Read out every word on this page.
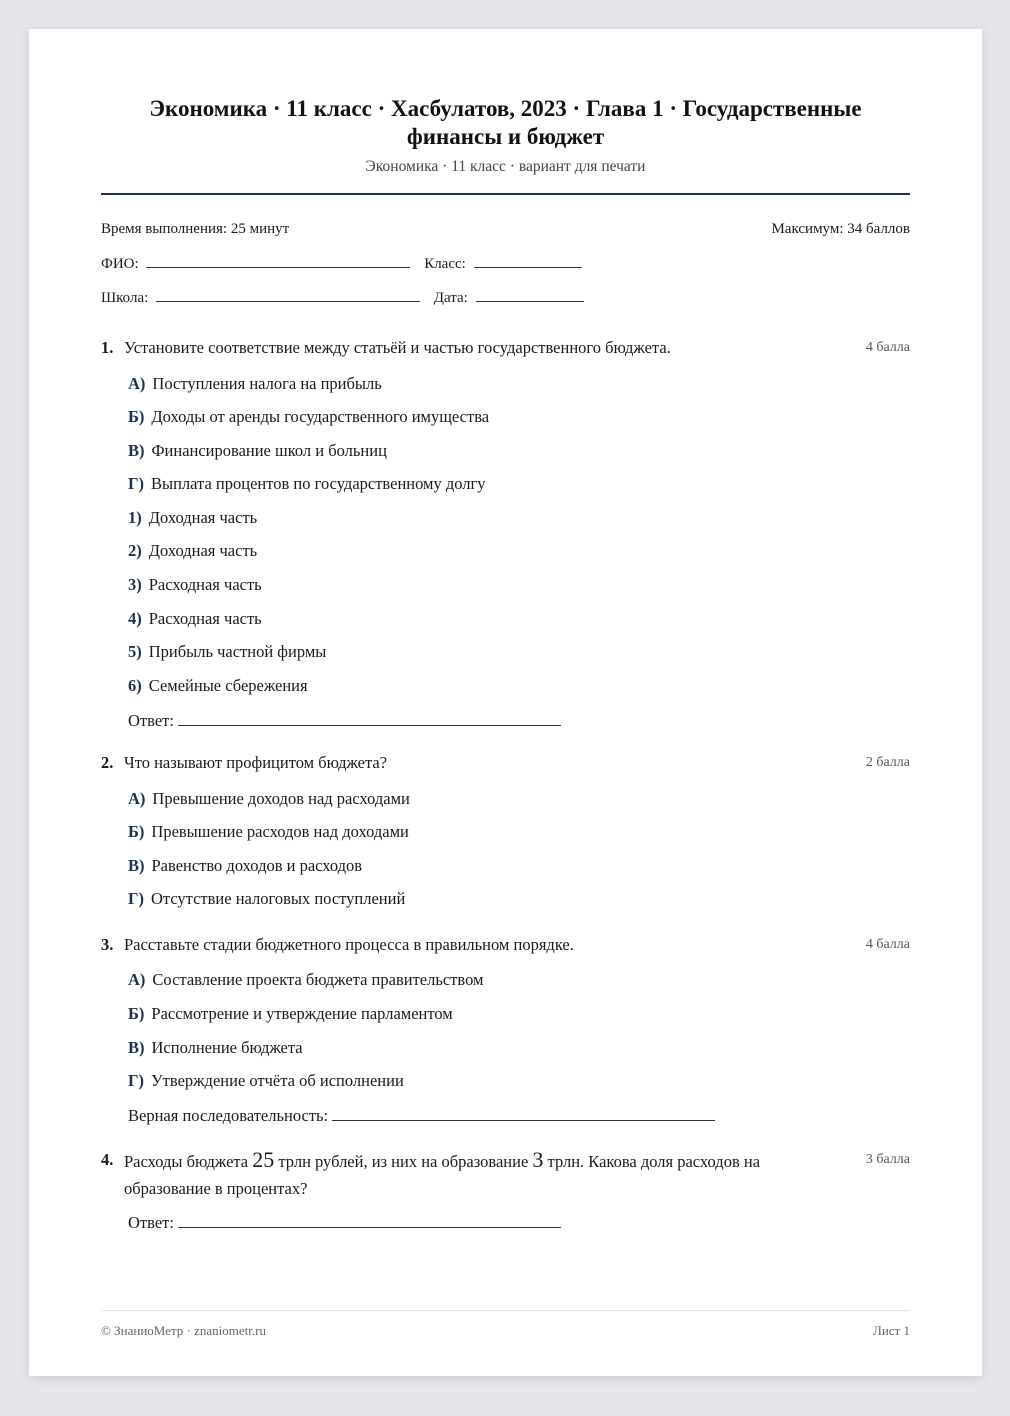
Экономика · 11 класс · Хасбулатов, 2023 · Глава 1 · Государственные финансы и бюджет
Экономика · 11 класс · вариант для печати
Время выполнения: 25 минут	Максимум: 34 баллов
ФИО:	Класс:
Школа:	Дата:
1. Установите соответствие между статьёй и частью государственного бюджета.	4 балла
А) Поступления налога на прибыль
Б) Доходы от аренды государственного имущества
В) Финансирование школ и больниц
Г) Выплата процентов по государственному долгу
1) Доходная часть
2) Доходная часть
3) Расходная часть
4) Расходная часть
5) Прибыль частной фирмы
6) Семейные сбережения
Ответ:
2. Что называют профицитом бюджета?	2 балла
А) Превышение доходов над расходами
Б) Превышение расходов над доходами
В) Равенство доходов и расходов
Г) Отсутствие налоговых поступлений
3. Расставьте стадии бюджетного процесса в правильном порядке.	4 балла
А) Составление проекта бюджета правительством
Б) Рассмотрение и утверждение парламентом
В) Исполнение бюджета
Г) Утверждение отчёта об исполнении
Верная последовательность:
4. Расходы бюджета 25 трлн рублей, из них на образование 3 трлн. Какова доля расходов на образование в процентах?
3 балла
Ответ:
© ЗнаниоМетр · znaniometr.ru	Лист 1
